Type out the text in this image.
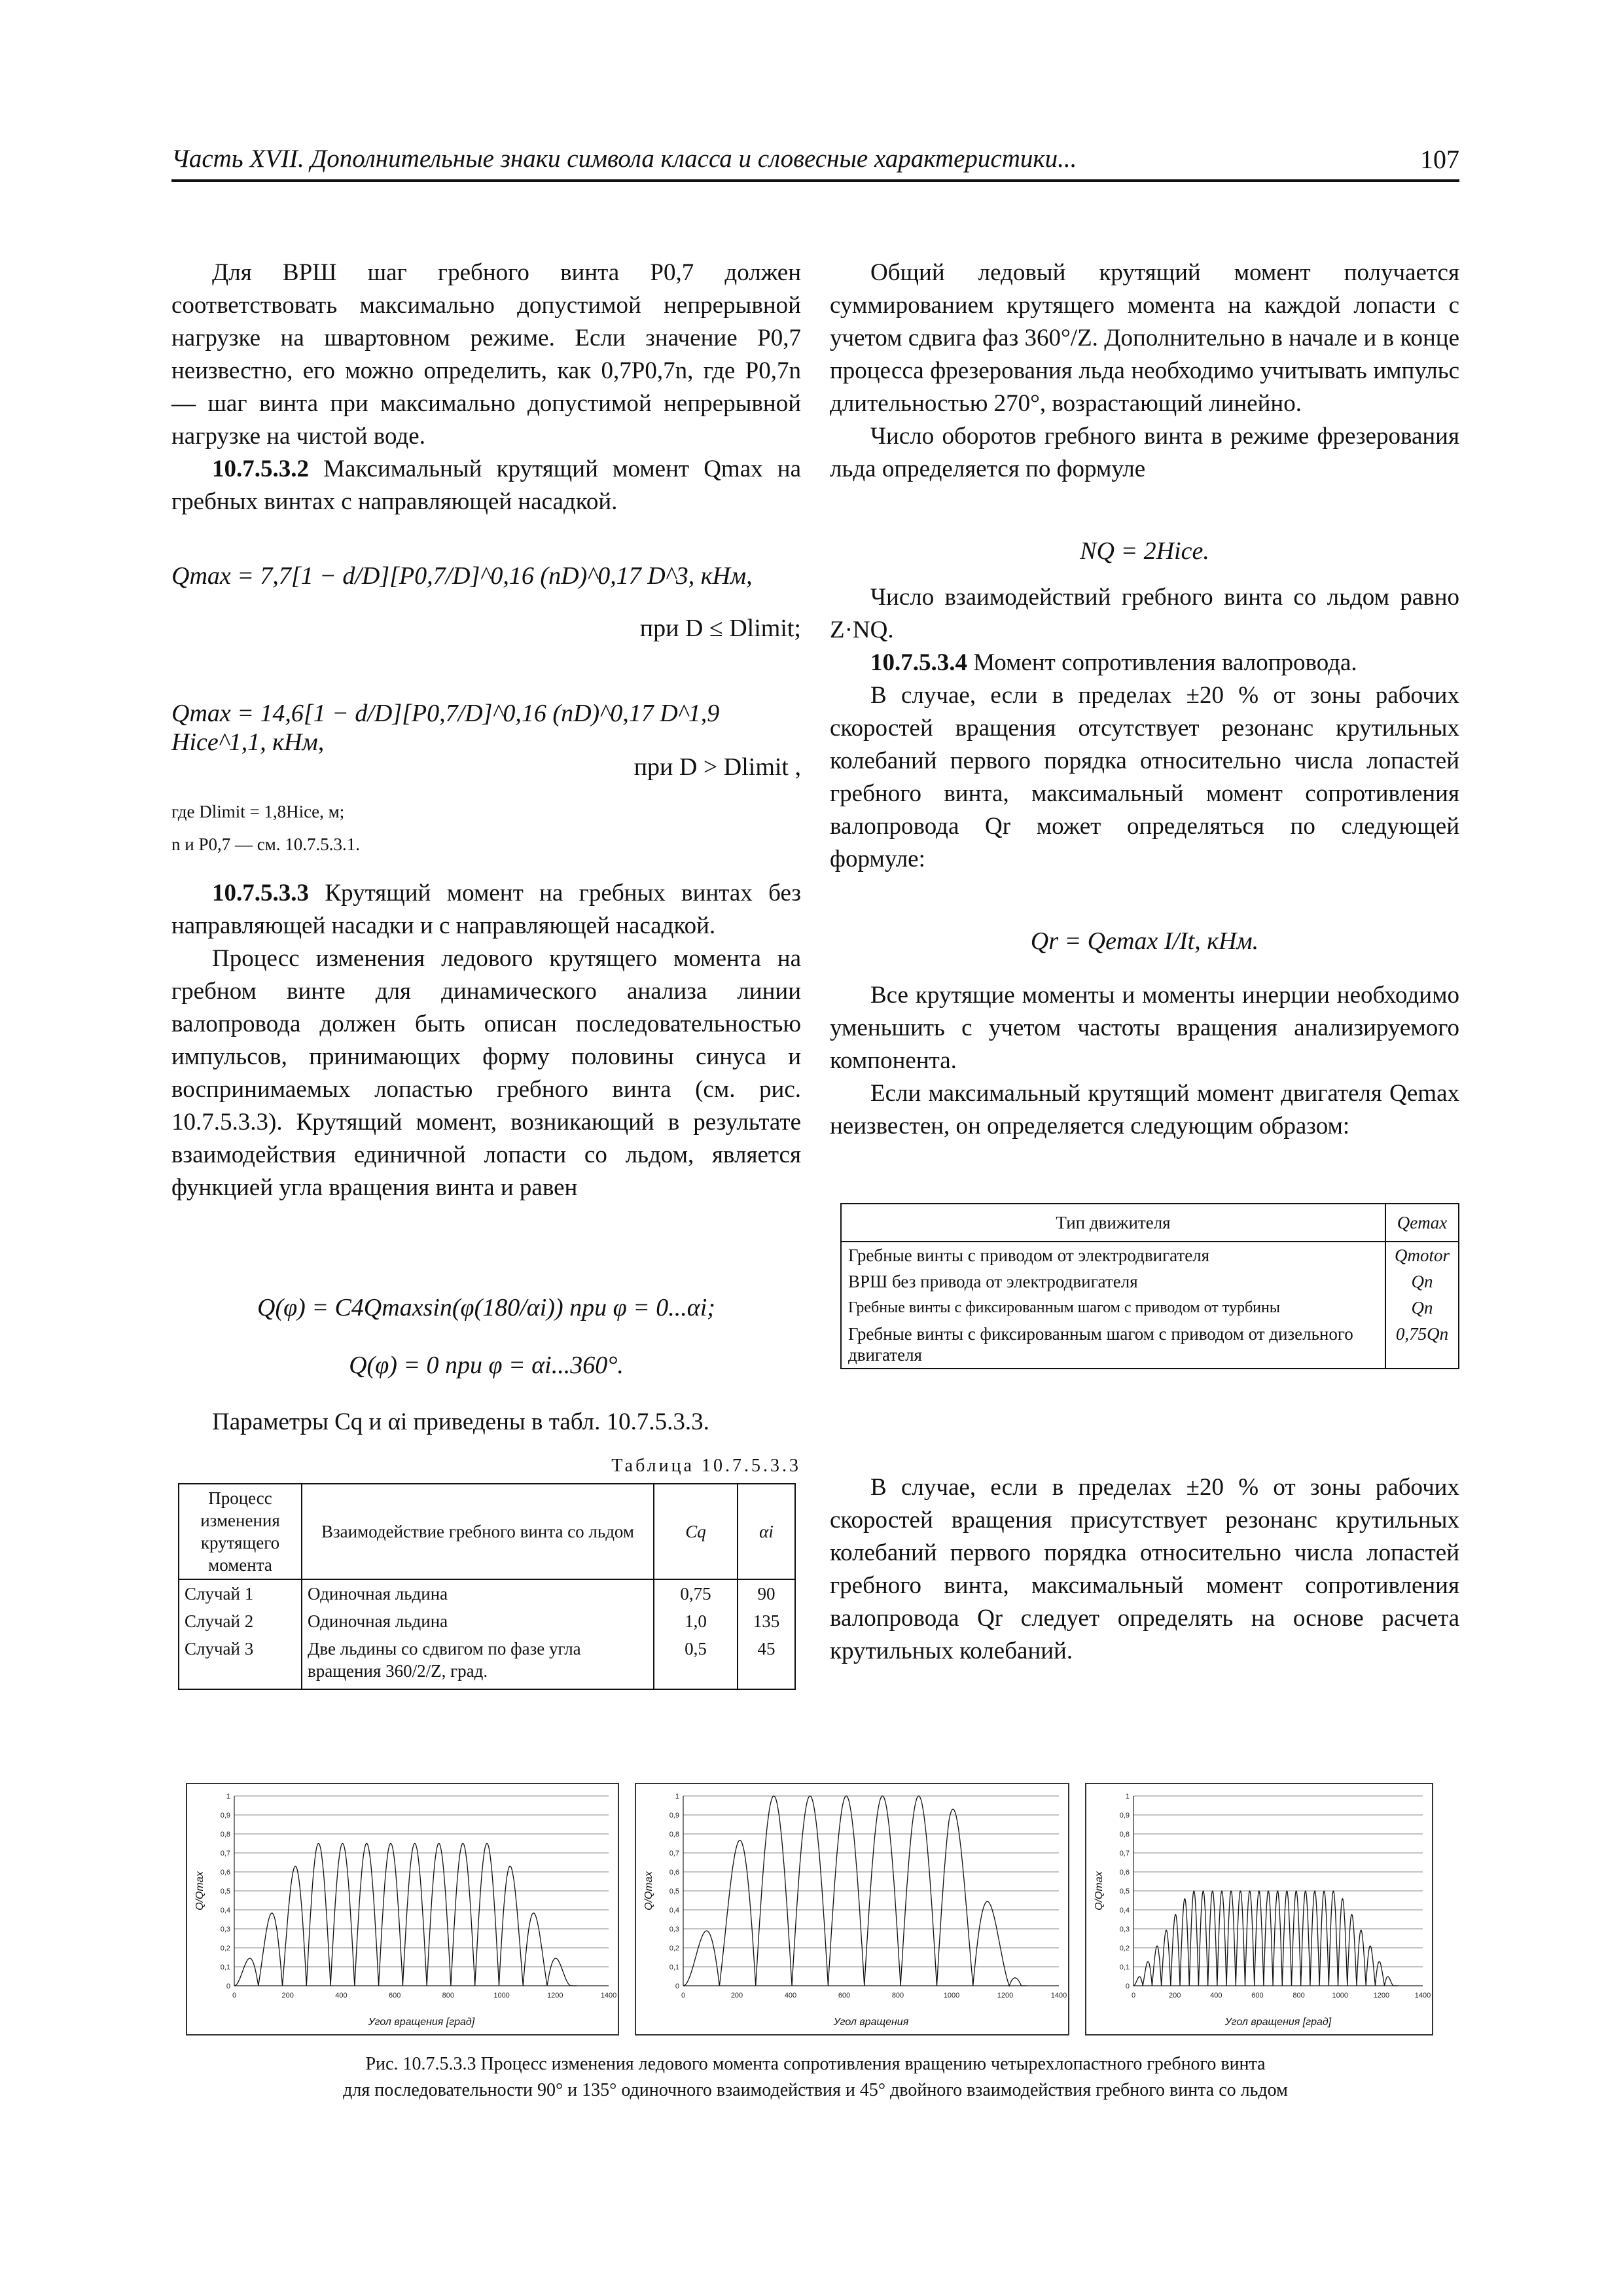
Часть XVII. Дополнительные знаки символа класса и словесные характеристики...	107

Для ВРШ шаг гребного винта P0,7 должен соответствовать максимально допустимой непрерывной нагрузке на швартовном режиме. Если значение P0,7 неизвестно, его можно определить, как 0,7P0,7n, где P0,7n — шаг винта при максимально допустимой непрерывной нагрузке на чистой воде.

10.7.5.3.2 Максимальный крутящий момент Qmax на гребных винтах с направляющей насадкой.

Qmax = 7,7[1 − d/D][P0,7/D]^0,16 (nD)^0,17 D^3, кНм,
при D ≤ Dlimit;
Qmax = 14,6[1 − d/D][P0,7/D]^0,16 (nD)^0,17 D^1,9 Hice^1,1, кНм,
при D > Dlimit ,
где Dlimit = 1,8Hice, м;
n и P0,7 — см. 10.7.5.3.1.

10.7.5.3.3 Крутящий момент на гребных винтах без направляющей насадки и с направляющей насадкой.

Процесс изменения ледового крутящего момента на гребном винте для динамического анализа линии валопровода должен быть описан последовательностью импульсов, принимающих форму половины синуса и воспринимаемых лопастью гребного винта (см. рис. 10.7.5.3.3). Крутящий момент, возникающий в результате взаимодействия единичной лопасти со льдом, является функцией угла вращения винта и равен

Q(φ) = C4Qmaxsin(φ(180/αi)) при φ = 0...αi;
Q(φ) = 0 при φ = αi...360°.
Параметры Cq и αi приведены в табл. 10.7.5.3.3.
Таблица 10.7.5.3.3
Процесс изменения крутящего момента	Взаимодействие гребного винта со льдом	Cq	αi
Случай 1	Одиночная льдина	0,75	90
Случай 2	Одиночная льдина	1,0	135
Случай 3	Две льдины со сдвигом по фазе угла вращения 360/2/Z, град.	0,5	45

Общий ледовый крутящий момент получается суммированием крутящего момента на каждой лопасти с учетом сдвига фаз 360°/Z. Дополнительно в начале и в конце процесса фрезерования льда необходимо учитывать импульс длительностью 270°, возрастающий линейно.

Число оборотов гребного винта в режиме фрезерования льда определяется по формуле

NQ = 2Hice.

Число взаимодействий гребного винта со льдом равно Z·NQ.

10.7.5.3.4 Момент сопротивления валопровода.

В случае, если в пределах ±20 % от зоны рабочих скоростей вращения отсутствует резонанс крутильных колебаний первого порядка относительно числа лопастей гребного винта, максимальный момент сопротивления валопровода Qr может определяться по следующей формуле:

Qr = Qemax I/It, кНм.

Все крутящие моменты и моменты инерции необходимо уменьшить с учетом частоты вращения анализируемого компонента.

Если максимальный крутящий момент двигателя Qemax неизвестен, он определяется следующим образом:

Тип движителя	Qemax
Гребные винты с приводом от электродвигателя	Qmotor
ВРШ без привода от электродвигателя	Qn
Гребные винты с фиксированным шагом с приводом от турбины	Qn
Гребные винты с фиксированным шагом с приводом от дизельного двигателя	0,75Qn
В случае, если в пределах ±20 % от зоны рабочих скоростей вращения присутствует резонанс крутильных колебаний первого порядка относительно числа лопастей гребного винта, максимальный момент сопротивления валопровода Qr следует определять на основе расчета крутильных колебаний.
0
0,1
0,2
0,3
0,4
0,5
0,6
0,7
0,8
0,9
1
0	200	400	600	800	1000	1200	1400
Угол вращения [град]
Q/Qmax
0
0,1
0,2
0,3
0,4
0,5
0,6
0,7
0,8
0,9
1
0	200	400	600	800	1000	1200	1400
Угол вращения
Q/Qmax
0
0,1
0,2
0,3
0,4
0,5
0,6
0,7
0,8
0,9
1
0	200	400	600	800	1000	1200	1400
Угол вращения [град]
Q/Qmax
Рис. 10.7.5.3.3 Процесс изменения ледового момента сопротивления вращению четырехлопастного гребного винта
для последовательности 90° и 135° одиночного взаимодействия и 45° двойного взаимодействия гребного винта со льдом
